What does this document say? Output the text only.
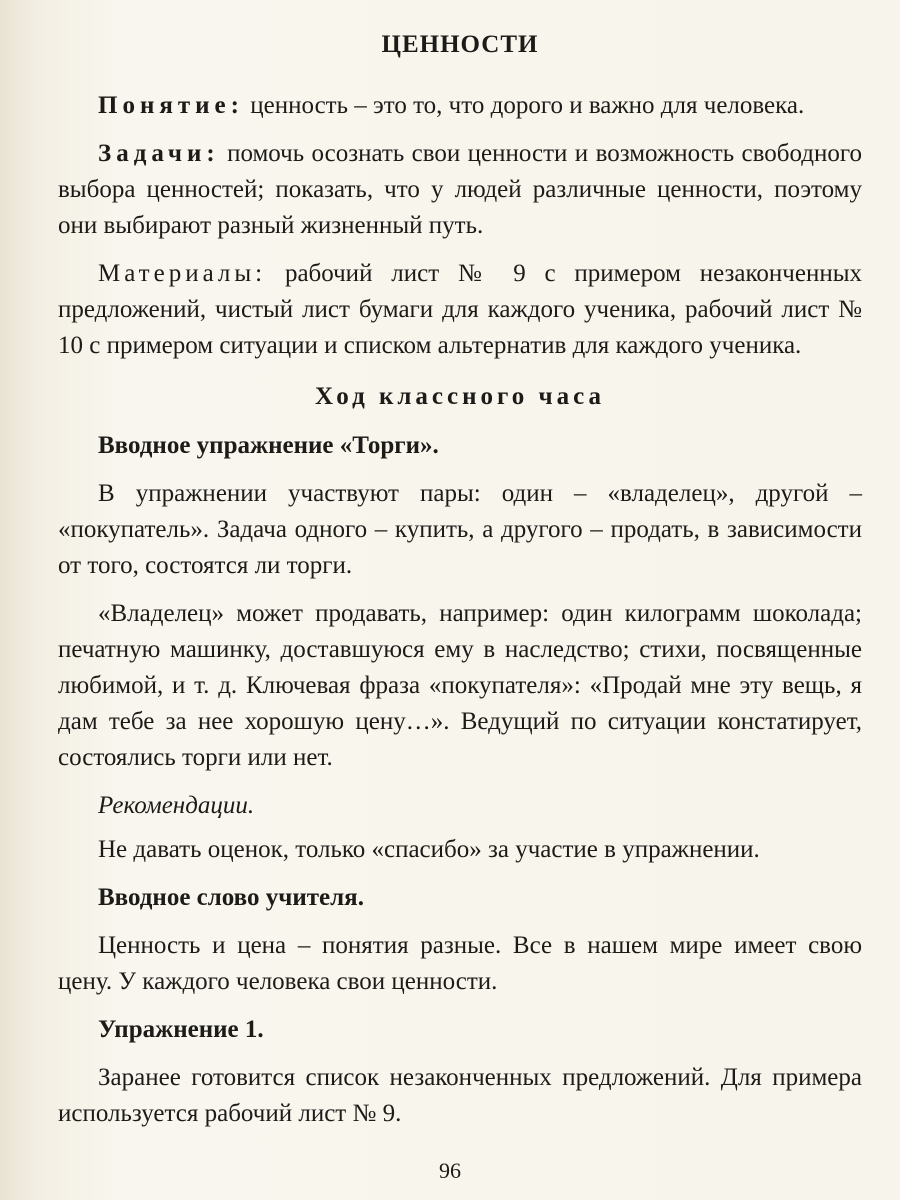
ЦЕННОСТИ

Понятие: ценность – это то, что дорого и важно для человека.

Задачи: помочь осознать свои ценности и возможность свободного выбора ценностей; показать, что у людей различные ценности, поэтому они выбирают разный жизненный путь.

Материалы: рабочий лист № 9 с примером незаконченных предложений, чистый лист бумаги для каждого ученика, рабочий лист № 10 с примером ситуации и списком альтернатив для каждого ученика.

Ход классного часа

Вводное упражнение «Торги».

В упражнении участвуют пары: один – «владелец», другой – «покупатель». Задача одного – купить, а другого – продать, в зависимости от того, состоятся ли торги.

«Владелец» может продавать, например: один килограмм шоколада; печатную машинку, доставшуюся ему в наследство; стихи, посвященные любимой, и т. д. Ключевая фраза «покупателя»: «Продай мне эту вещь, я дам тебе за нее хорошую цену…». Ведущий по ситуации констатирует, состоялись торги или нет.

Рекомендации.

Не давать оценок, только «спасибо» за участие в упражнении.

Вводное слово учителя.

Ценность и цена – понятия разные. Все в нашем мире имеет свою цену. У каждого человека свои ценности.

Упражнение 1.

Заранее готовится список незаконченных предложений. Для примера используется рабочий лист № 9.

96
